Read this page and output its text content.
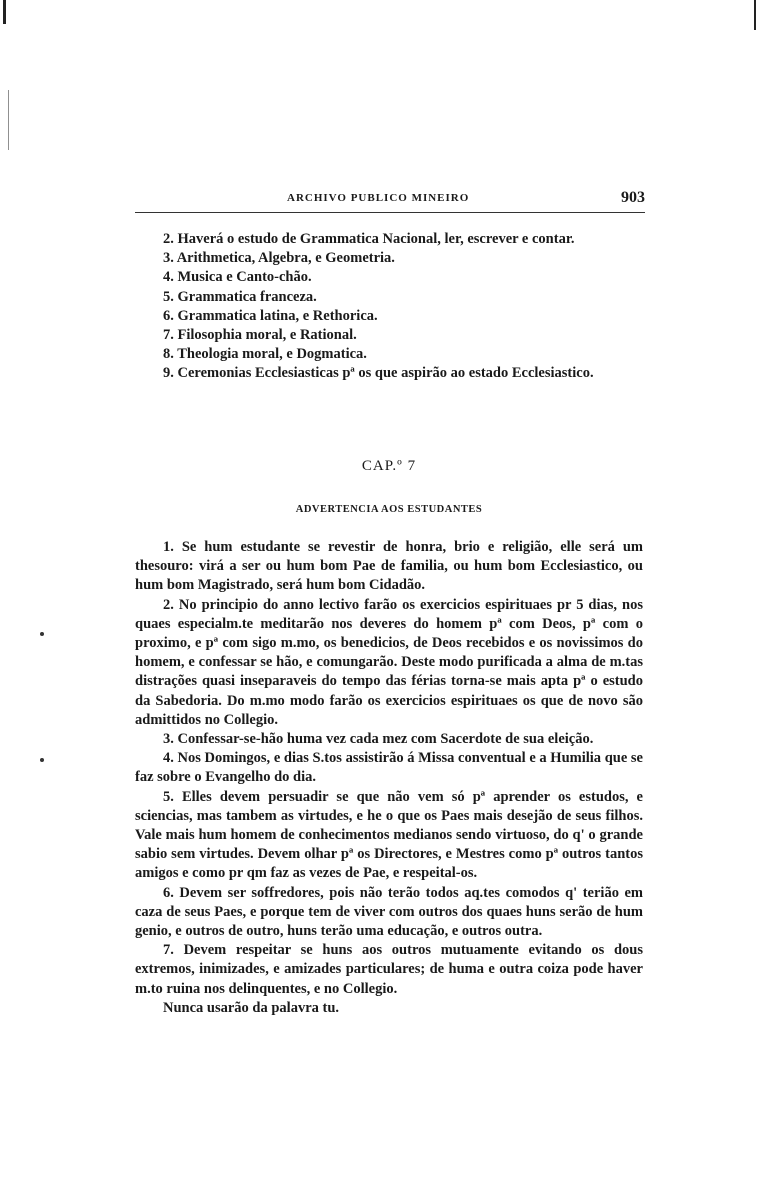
ARCHIVO PUBLICO MINEIRO	903

2. Haverá o estudo de Grammatica Nacional, ler, escrever e contar.

3. Arithmetica, Algebra, e Geometria.

4. Musica e Canto-chão.

5. Grammatica franceza.

6. Grammatica latina, e Rethorica.

7. Filosophia moral, e Rational.

8. Theologia moral, e Dogmatica.

9. Ceremonias Ecclesiasticas pª os que aspirão ao estado Ecclesiastico.

CAP.º 7
ADVERTENCIA AOS ESTUDANTES

1. Se hum estudante se revestir de honra, brio e religião, elle será um thesouro: virá a ser ou hum bom Pae de familia, ou hum bom Ecclesiastico, ou hum bom Magistrado, será hum bom Cidadão.

2. No principio do anno lectivo farão os exercicios espirituaes pr 5 dias, nos quaes especialm.te meditarão nos deveres do homem pª com Deos, pª com o proximo, e pª com sigo m.mo, os benedicios, de Deos recebidos e os novissimos do homem, e confessar se hão, e comungarão. Deste modo purificada a alma de m.tas distrações quasi inseparaveis do tempo das férias torna-se mais apta pª o estudo da Sabedoria. Do m.mo modo farão os exercicios espirituaes os que de novo são admittidos no Collegio.

3. Confessar-se-hão huma vez cada mez com Sacerdote de sua eleição.

4. Nos Domingos, e dias S.tos assistirão á Missa conventual e a Humilia que se faz sobre o Evangelho do dia.

5. Elles devem persuadir se que não vem só pª aprender os estudos, e sciencias, mas tambem as virtudes, e he o que os Paes mais desejão de seus filhos. Vale mais hum homem de conhecimentos medianos sendo virtuoso, do q' o grande sabio sem virtudes. Devem olhar pª os Directores, e Mestres como pª outros tantos amigos e como pr qm faz as vezes de Pae, e respeital-os.

6. Devem ser soffredores, pois não terão todos aq.tes comodos q' terião em caza de seus Paes, e porque tem de viver com outros dos quaes huns serão de hum genio, e outros de outro, huns terão uma educação, e outros outra.

7. Devem respeitar se huns aos outros mutuamente evitando os dous extremos, inimizades, e amizades particulares; de huma e outra coiza pode haver m.to ruina nos delinquentes, e no Collegio.

Nunca usarão da palavra tu.
